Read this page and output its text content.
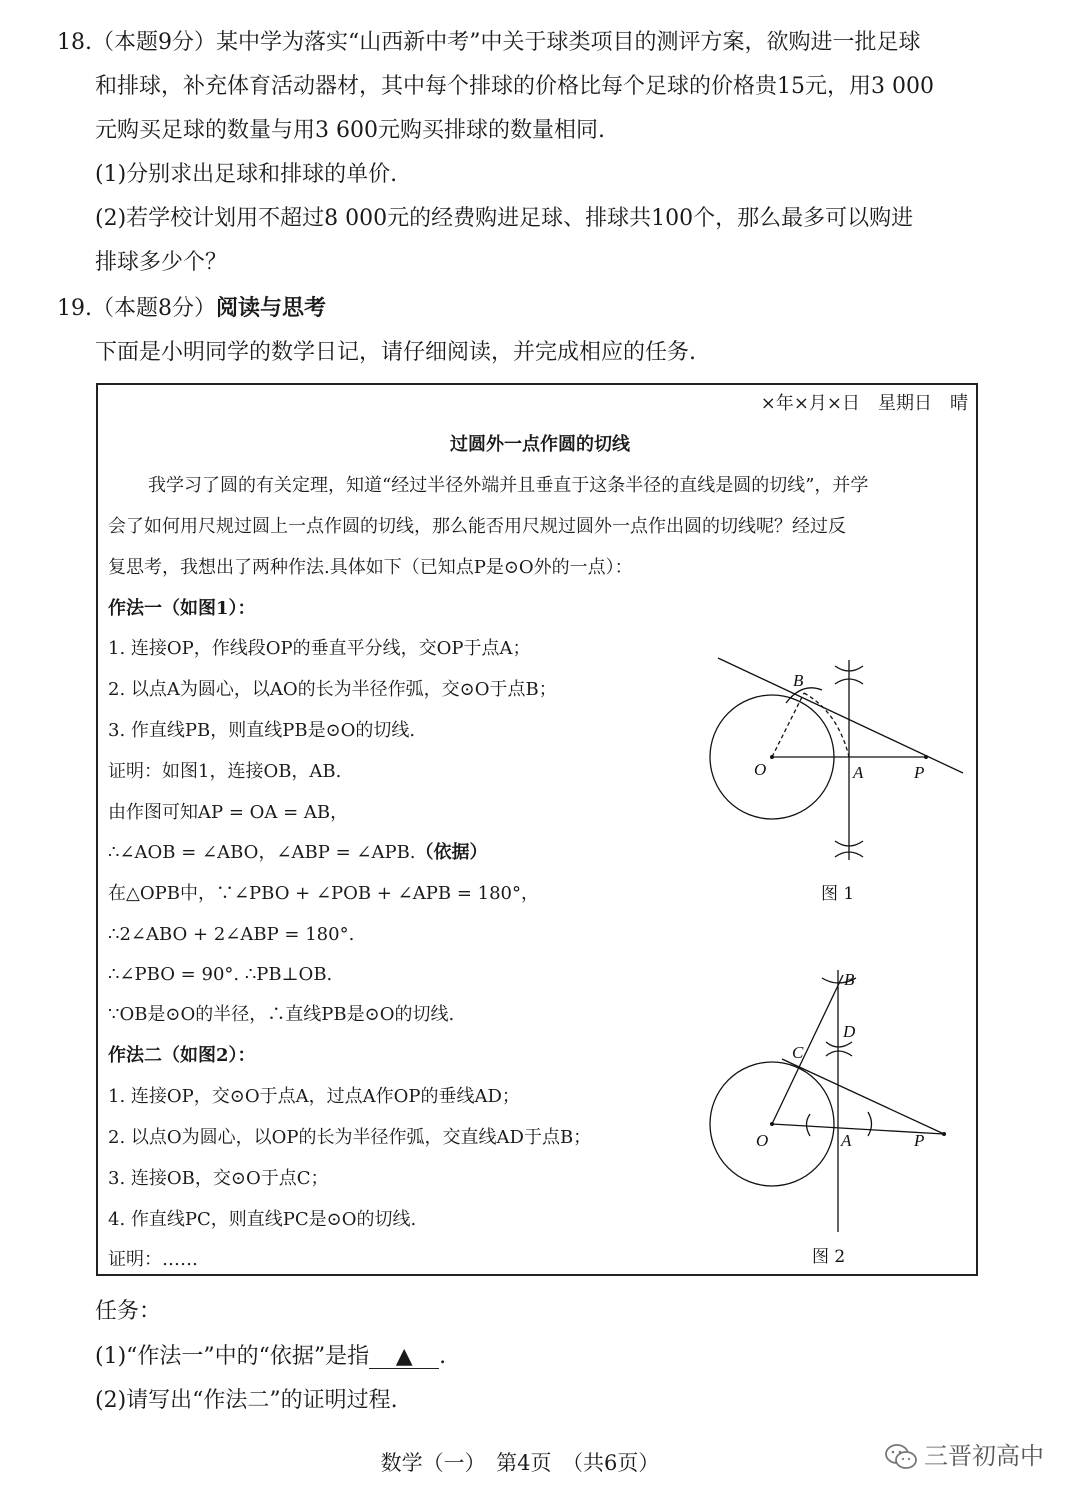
18.（本题9分）某中学为落实“山西新中考”中关于球类项目的测评方案，欲购进一批足球
和排球，补充体育活动器材，其中每个排球的价格比每个足球的价格贵15元，用3 000
元购买足球的数量与用3 600元购买排球的数量相同.
(1)分别求出足球和排球的单价.
(2)若学校计划用不超过8 000元的经费购进足球、排球共100个，那么最多可以购进
排球多少个？
19.（本题8分）阅读与思考
下面是小明同学的数学日记，请仔细阅读，并完成相应的任务.
×年×月×日　星期日　晴
过圆外一点作圆的切线
我学习了圆的有关定理，知道“经过半径外端并且垂直于这条半径的直线是圆的切线”，并学
会了如何用尺规过圆上一点作圆的切线，那么能否用尺规过圆外一点作出圆的切线呢？经过反
复思考，我想出了两种作法.具体如下（已知点P是⊙O外的一点）：
作法一（如图1）：
1. 连接OP，作线段OP的垂直平分线，交OP于点A；
2. 以点A为圆心，以AO的长为半径作弧，交⊙O于点B；
3. 作直线PB，则直线PB是⊙O的切线.
证明：如图1，连接OB，AB.
由作图可知AP = OA = AB，
∴∠AOB = ∠ABO，∠ABP = ∠APB.（依据）
在△OPB中，∵∠PBO + ∠POB + ∠APB = 180°，
∴2∠ABO + 2∠ABP = 180°.
∴∠PBO = 90°. ∴PB⊥OB.
∵OB是⊙O的半径，∴直线PB是⊙O的切线.
作法二（如图2）：
1. 连接OP，交⊙O于点A，过点A作OP的垂线AD；
2. 以点O为圆心，以OP的长为半径作弧，交直线AD于点B；
3. 连接OB，交⊙O于点C；
4. 作直线PC，则直线PC是⊙O的切线.
证明：……
B
O	A	P
图 1
B
D
C
O	A	P
图 2
任务：
(1)“作法一”中的“依据”是指 ▲ .
(2)请写出“作法二”的证明过程.
数学（一）　第4页　（共6页）	三晋初高中
